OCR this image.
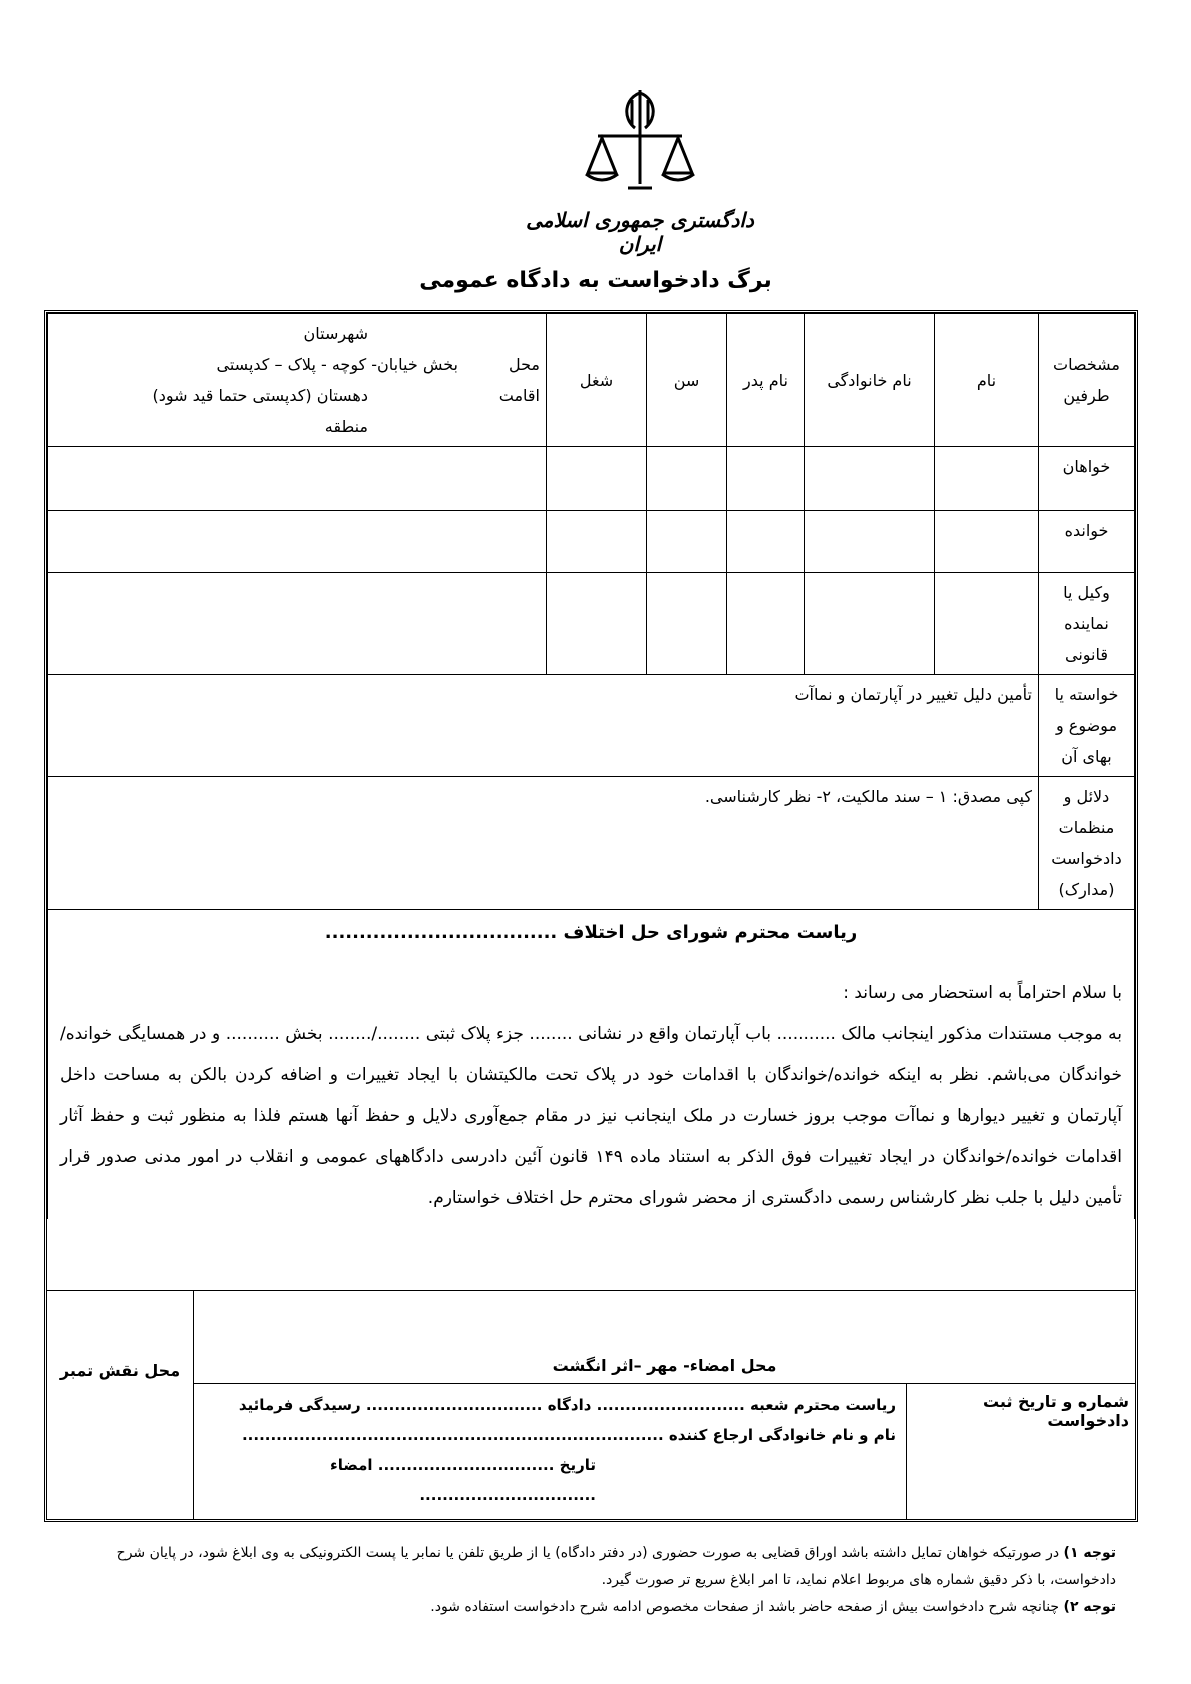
دادگستری جمهوری اسلامی ایران
برگ دادخواست به دادگاه عمومی
مشخصات طرفین	نام	نام خانوادگی	نام پدر	سن	شغل	محل اقامت
شهرستان
بخش خیابان- کوچه - پلاک – کدپستی
دهستان (کدپستی حتما قید شود)
منطقه

خواهان						
خوانده						
وکیل یا نماینده قانونی						
خواسته یا موضوع و بهای آن	تأمین دلیل تغییر در آپارتمان و نماآت					
دلائل و منظمات دادخواست (مدارک)	کپی مصدق: ۱ – سند مالکیت، ۲- نظر کارشناسی.					

ریاست محترم شورای حل اختلاف ..................................
با سلام احتراماً به استحضار می رساند :
به موجب مستندات مذکور اینجانب مالک ........... باب آپارتمان واقع در نشانی ........ جزء پلاک ثبتی ......../........ بخش .......... و در همسایگی خوانده/خواندگان می‌باشم. نظر به اینکه خوانده/خواندگان با اقدامات خود در پلاک تحت مالکیتشان با ایجاد تغییرات و اضافه کردن بالکن به مساحت داخل آپارتمان و تغییر دیوارها و نماآت موجب بروز خسارت در ملک اینجانب نیز در مقام جمع‌آوری دلایل و حفظ آنها هستم فلذا به منظور ثبت و حفظ آثار اقدامات خوانده/خواندگان در ایجاد تغییرات فوق الذکر به استناد ماده ۱۴۹ قانون آئین دادرسی دادگاههای عمومی و انقلاب در امور مدنی صدور قرار تأمین دلیل با جلب نظر کارشناس رسمی دادگستری از محضر شورای محترم حل اختلاف خواستارم.						
محل نقش تمبر	محل امضاء- مهر –اثر انگشت
شماره و تاریخ ثبت دادخواست
ریاست محترم شعبه .......................... دادگاه ............................... رسیدگی فرمائید
نام و نام خانوادگی ارجاع کننده ..........................................................................
تاریخ ............................... امضاء ...............................
توجه ۱) در صورتیکه خواهان تمایل داشته باشد اوراق قضایی به صورت حضوری (در دفتر دادگاه) یا از طریق تلفن یا نمابر یا پست الکترونیکی به وی ابلاغ شود، در پایان شرح دادخواست، با ذکر دقیق شماره های مربوط اعلام نماید، تا امر ابلاغ سریع تر صورت گیرد.
توجه ۲) چنانچه شرح دادخواست بیش از صفحه حاضر باشد از صفحات مخصوص ادامه شرح دادخواست استفاده شود.
